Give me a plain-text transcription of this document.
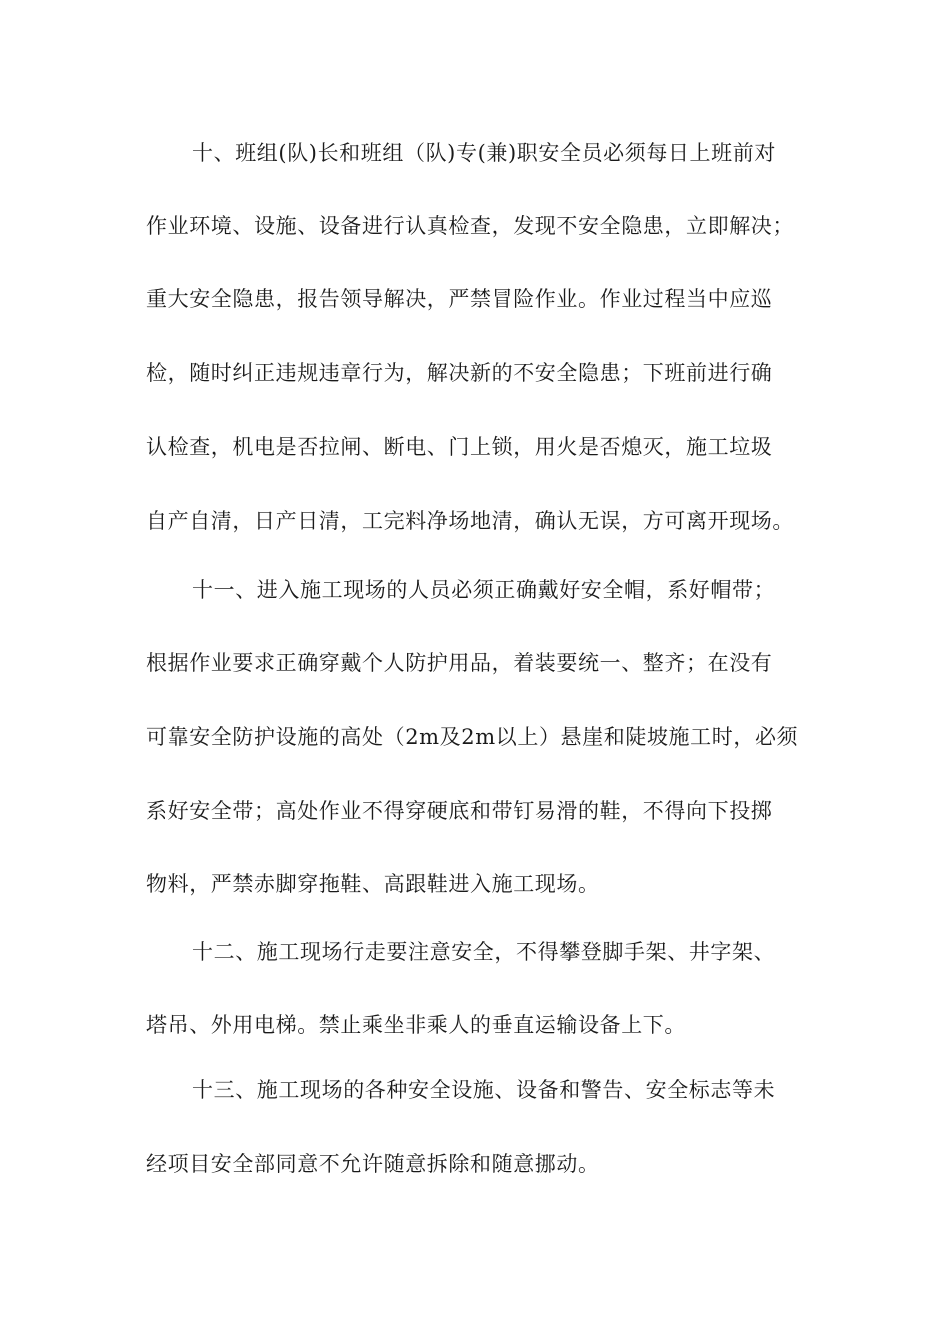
十、班组(队)长和班组（队)专(兼)职安全员必须每日上班前对
作业环境、设施、设备进行认真检查，发现不安全隐患，立即解决；
重大安全隐患，报告领导解决，严禁冒险作业。作业过程当中应巡
检，随时纠正违规违章行为，解决新的不安全隐患；下班前进行确
认检查，机电是否拉闸、断电、门上锁，用火是否熄灭，施工垃圾
自产自清，日产日清，工完料净场地清，确认无误，方可离开现场。
十一、进入施工现场的人员必须正确戴好安全帽，系好帽带；
根据作业要求正确穿戴个人防护用品，着装要统一、整齐；在没有
可靠安全防护设施的高处（2m及2m以上）悬崖和陡坡施工时，必须
系好安全带；高处作业不得穿硬底和带钉易滑的鞋，不得向下投掷
物料，严禁赤脚穿拖鞋、高跟鞋进入施工现场。
十二、施工现场行走要注意安全，不得攀登脚手架、井字架、
塔吊、外用电梯。禁止乘坐非乘人的垂直运输设备上下。
十三、施工现场的各种安全设施、设备和警告、安全标志等未
经项目安全部同意不允许随意拆除和随意挪动。
